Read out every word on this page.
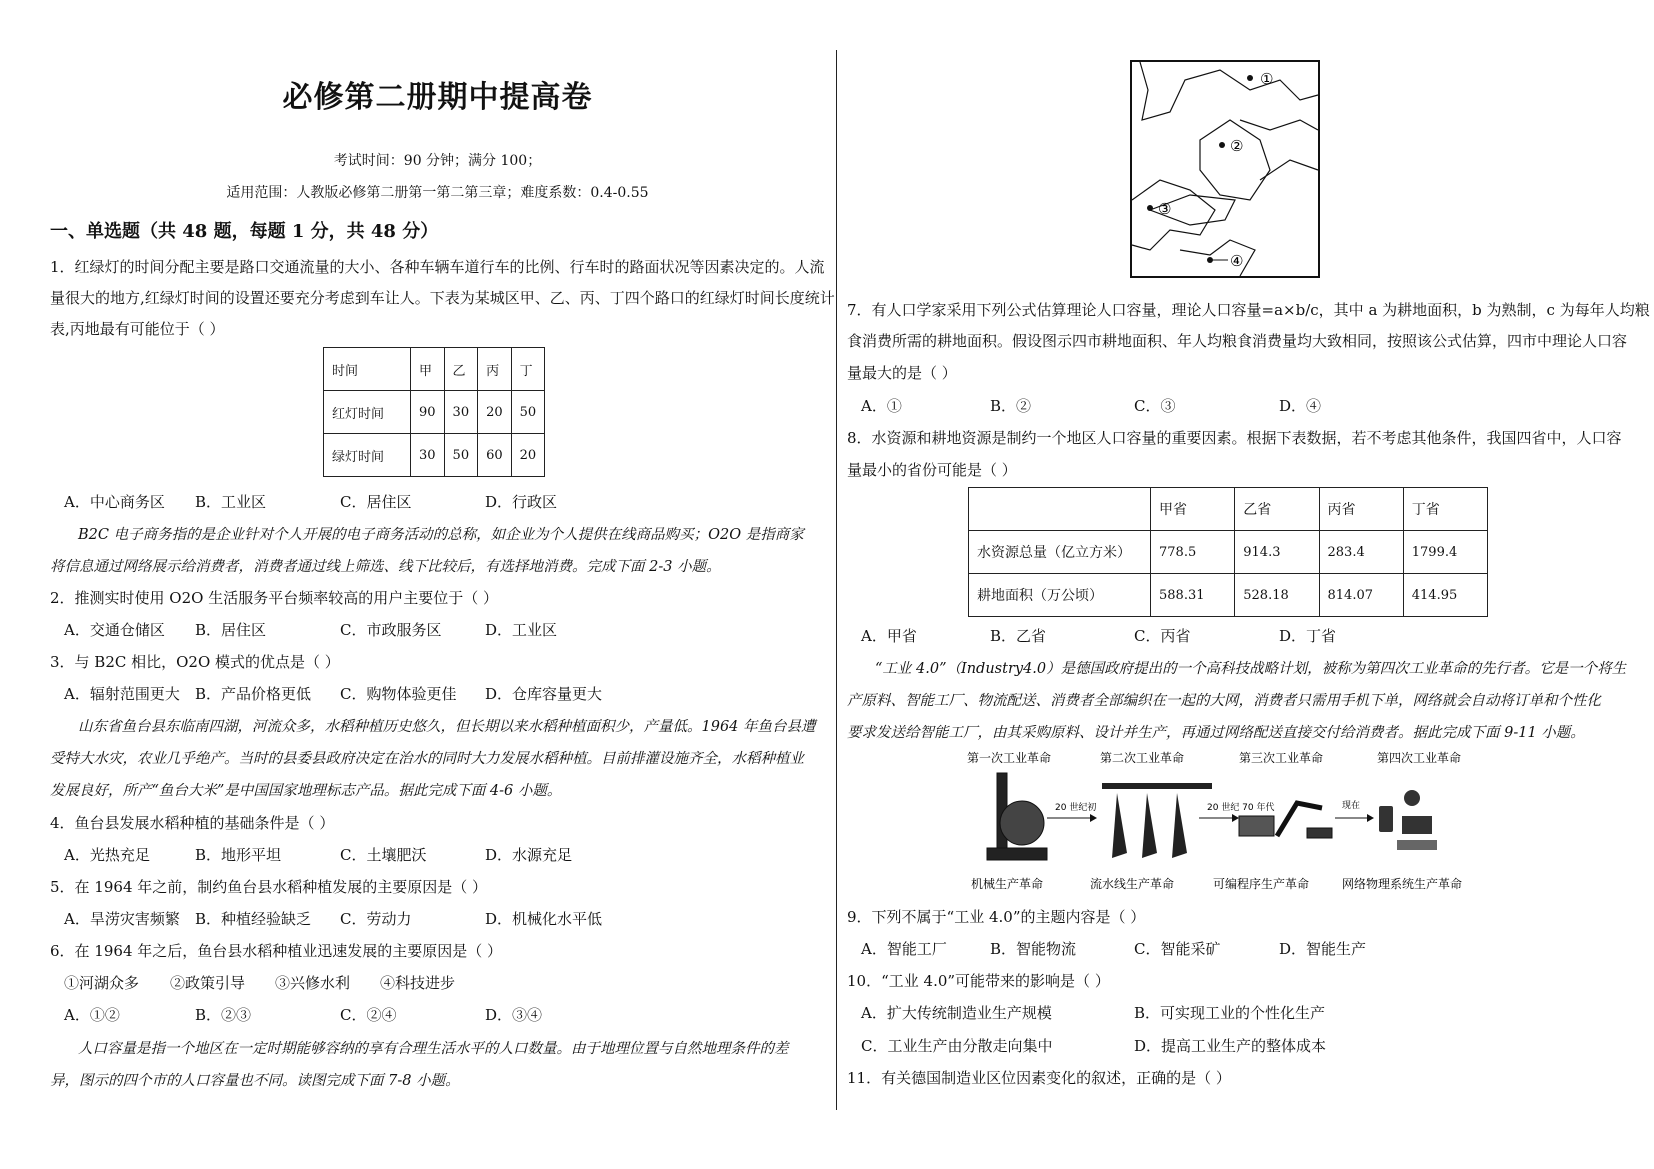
必修第二册期中提高卷
考试时间：90 分钟；满分 100；
适用范围：人教版必修第二册第一第二第三章；难度系数：0.4-0.55
一、单选题（共 48 题，每题 1 分，共 48 分）
1．红绿灯的时间分配主要是路口交通流量的大小、各种车辆车道行车的比例、行车时的路面状况等因素决定的。人流
量很大的地方,红绿灯时间的设置还要充分考虑到车让人。下表为某城区甲、乙、丙、丁四个路口的红绿灯时间长度统计
表,丙地最有可能位于（ ）
时间	甲	乙	丙	丁
红灯时间	90	30	20	50
绿灯时间	30	50	60	20
A．中心商务区 B．工业区	C．居住区	D．行政区
B2C 电子商务指的是企业针对个人开展的电子商务活动的总称，如企业为个人提供在线商品购买；O2O 是指商家
将信息通过网络展示给消费者，消费者通过线上筛选、线下比较后，有选择地消费。完成下面 2-3 小题。
2．推测实时使用 O2O 生活服务平台频率较高的用户主要位于（ ）
A．交通仓储区 B．居住区	C．市政服务区	D．工业区
3．与 B2C 相比，O2O 模式的优点是（ ）
A．辐射范围更大 B．产品价格更低 C．购物体验更佳 D．仓库容量更大
山东省鱼台县东临南四湖，河流众多，水稻种植历史悠久，但长期以来水稻种植面积少，产量低。1964 年鱼台县遭
受特大水灾，农业几乎绝产。当时的县委县政府决定在治水的同时大力发展水稻种植。目前排灌设施齐全，水稻种植业
发展良好，所产“鱼台大米”是中国国家地理标志产品。据此完成下面 4-6 小题。
4．鱼台县发展水稻种植的基础条件是（ ）
A．光热充足	B．地形平坦	C．土壤肥沃	D．水源充足
5．在 1964 年之前，制约鱼台县水稻种植发展的主要原因是（ ）
A．旱涝灾害频繁 B．种植经验缺乏 C．劳动力	D．机械化水平低
6．在 1964 年之后，鱼台县水稻种植业迅速发展的主要原因是（ ）
①河湖众多 ②政策引导 ③兴修水利 ④科技进步
A．①②	B．②③	C．②④	D．③④
人口容量是指一个地区在一定时期能够容纳的享有合理生活水平的人口数量。由于地理位置与自然地理条件的差
异，图示的四个市的人口容量也不同。读图完成下面 7-8 小题。
①
②
③
④
7．有人口学家采用下列公式估算理论人口容量，理论人口容量=a×b/c，其中 a 为耕地面积，b 为熟制，c 为每年人均粮
食消费所需的耕地面积。假设图示四市耕地面积、年人均粮食消费量均大致相同，按照该公式估算，四市中理论人口容
量最大的是（ ）
A．①	B．②	C．③	D．④
8．水资源和耕地资源是制约一个地区人口容量的重要因素。根据下表数据，若不考虑其他条件，我国四省中，人口容
量最小的省份可能是（ ）
	甲省	乙省	丙省	丁省
水资源总量（亿立方米）	778.5	914.3	283.4	1799.4
耕地面积（万公顷）	588.31	528.18	814.07	414.95
A．甲省	B．乙省	C．丙省	D．丁省
“工业 4.0”（Industry4.0）是德国政府提出的一个高科技战略计划，被称为第四次工业革命的先行者。它是一个将生
产原料、智能工厂、物流配送、消费者全部编织在一起的大网，消费者只需用手机下单，网络就会自动将订单和个性化
要求发送给智能工厂，由其采购原料、设计并生产，再通过网络配送直接交付给消费者。据此完成下面 9-11 小题。
第一次工业革命	第二次工业革命	第三次工业革命	第四次工业革命
20 世纪初	20 世纪 70 年代	现在
机械生产革命	流水线生产革命	可编程序生产革命	网络物理系统生产革命
9．下列不属于“工业 4.0”的主题内容是（ ）
A．智能工厂	B．智能物流	C．智能采矿	D．智能生产
10．“工业 4.0”可能带来的影响是（ ）
A．扩大传统制造业生产规模	B．可实现工业的个性化生产
C．工业生产由分散走向集中	D．提高工业生产的整体成本
11．有关德国制造业区位因素变化的叙述，正确的是（ ）
